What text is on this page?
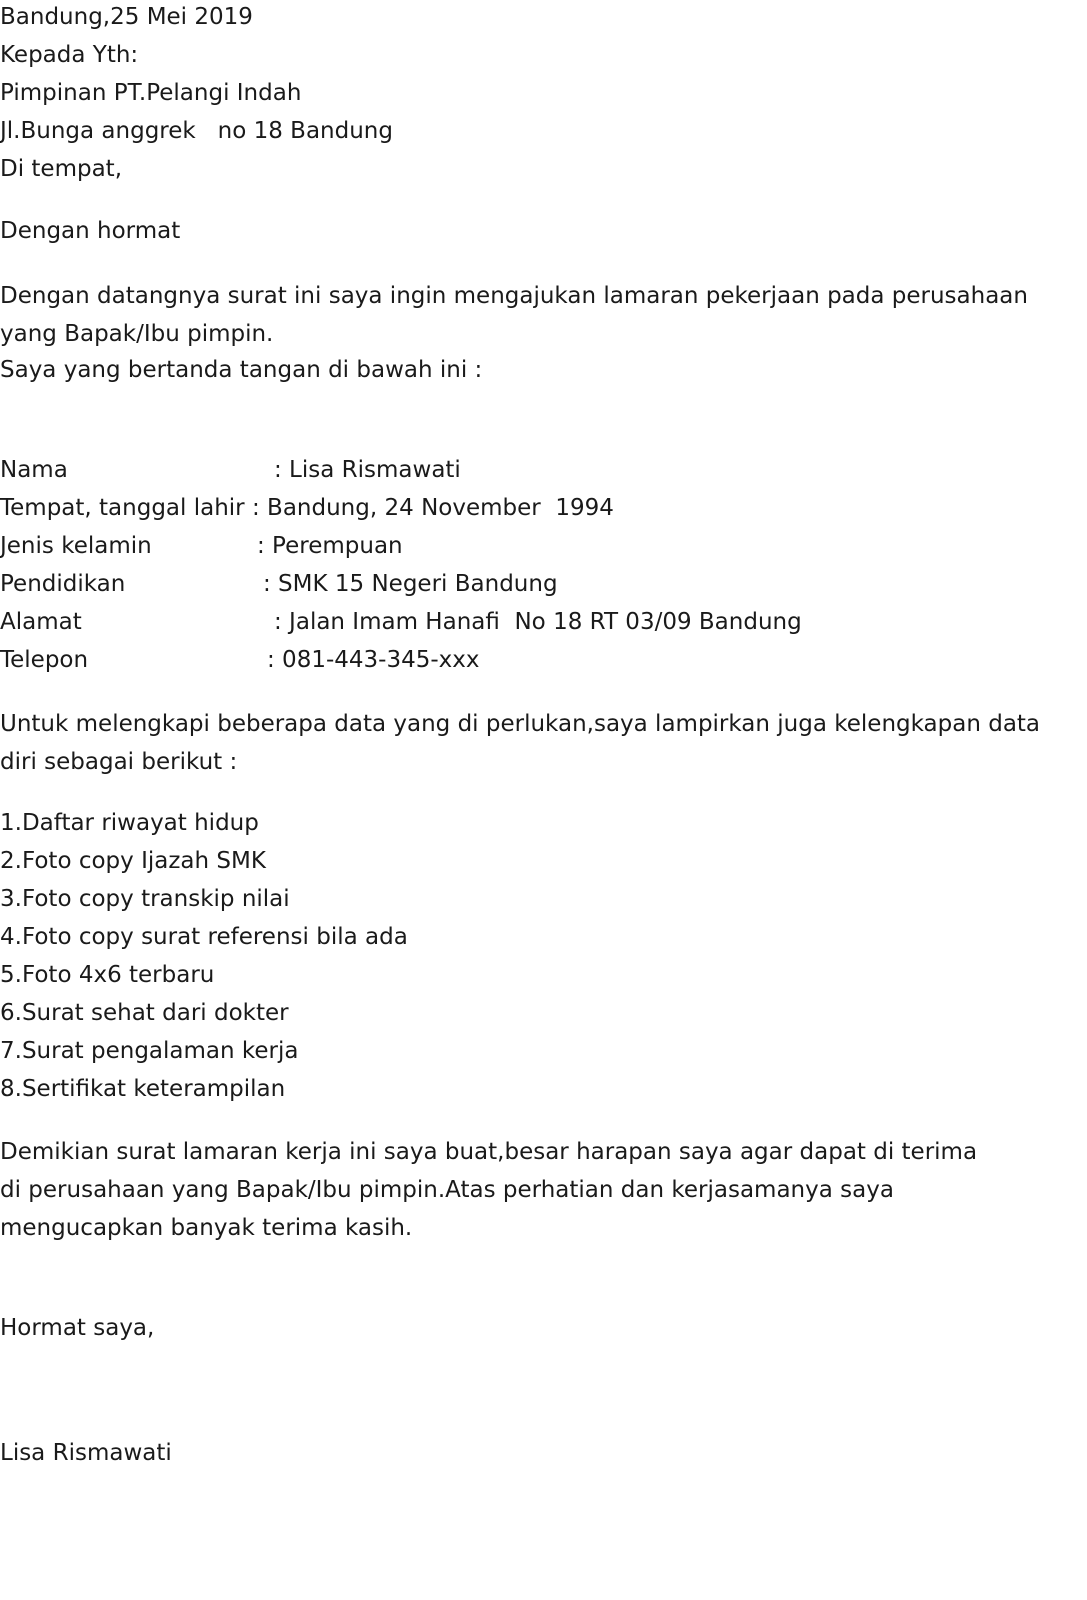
Bandung,25 Mei 2019
Kepada Yth:
Pimpinan PT.Pelangi Indah
Jl.Bunga anggrek   no 18 Bandung
Di tempat,
Dengan hormat
Dengan datangnya surat ini saya ingin mengajukan lamaran pekerjaan pada perusahaan yang Bapak/Ibu pimpin.
Saya yang bertanda tangan di bawah ini :
Nama	: Lisa Rismawati
Tempat, tanggal lahir : Bandung, 24 November  1994
Jenis kelamin	: Perempuan
Pendidikan	: SMK 15 Negeri Bandung
Alamat	: Jalan Imam Hanafi  No 18 RT 03/09 Bandung
Telepon	: 081-443-345-xxx
Untuk melengkapi beberapa data yang di perlukan,saya lampirkan juga kelengkapan data diri sebagai berikut :
1.Daftar riwayat hidup
2.Foto copy Ijazah SMK
3.Foto copy transkip nilai
4.Foto copy surat referensi bila ada
5.Foto 4x6 terbaru
6.Surat sehat dari dokter
7.Surat pengalaman kerja
8.Sertifikat keterampilan
Demikian surat lamaran kerja ini saya buat,besar harapan saya agar dapat di terima di perusahaan yang Bapak/Ibu pimpin.Atas perhatian dan kerjasamanya saya mengucapkan banyak terima kasih.
Hormat saya,
Lisa Rismawati
